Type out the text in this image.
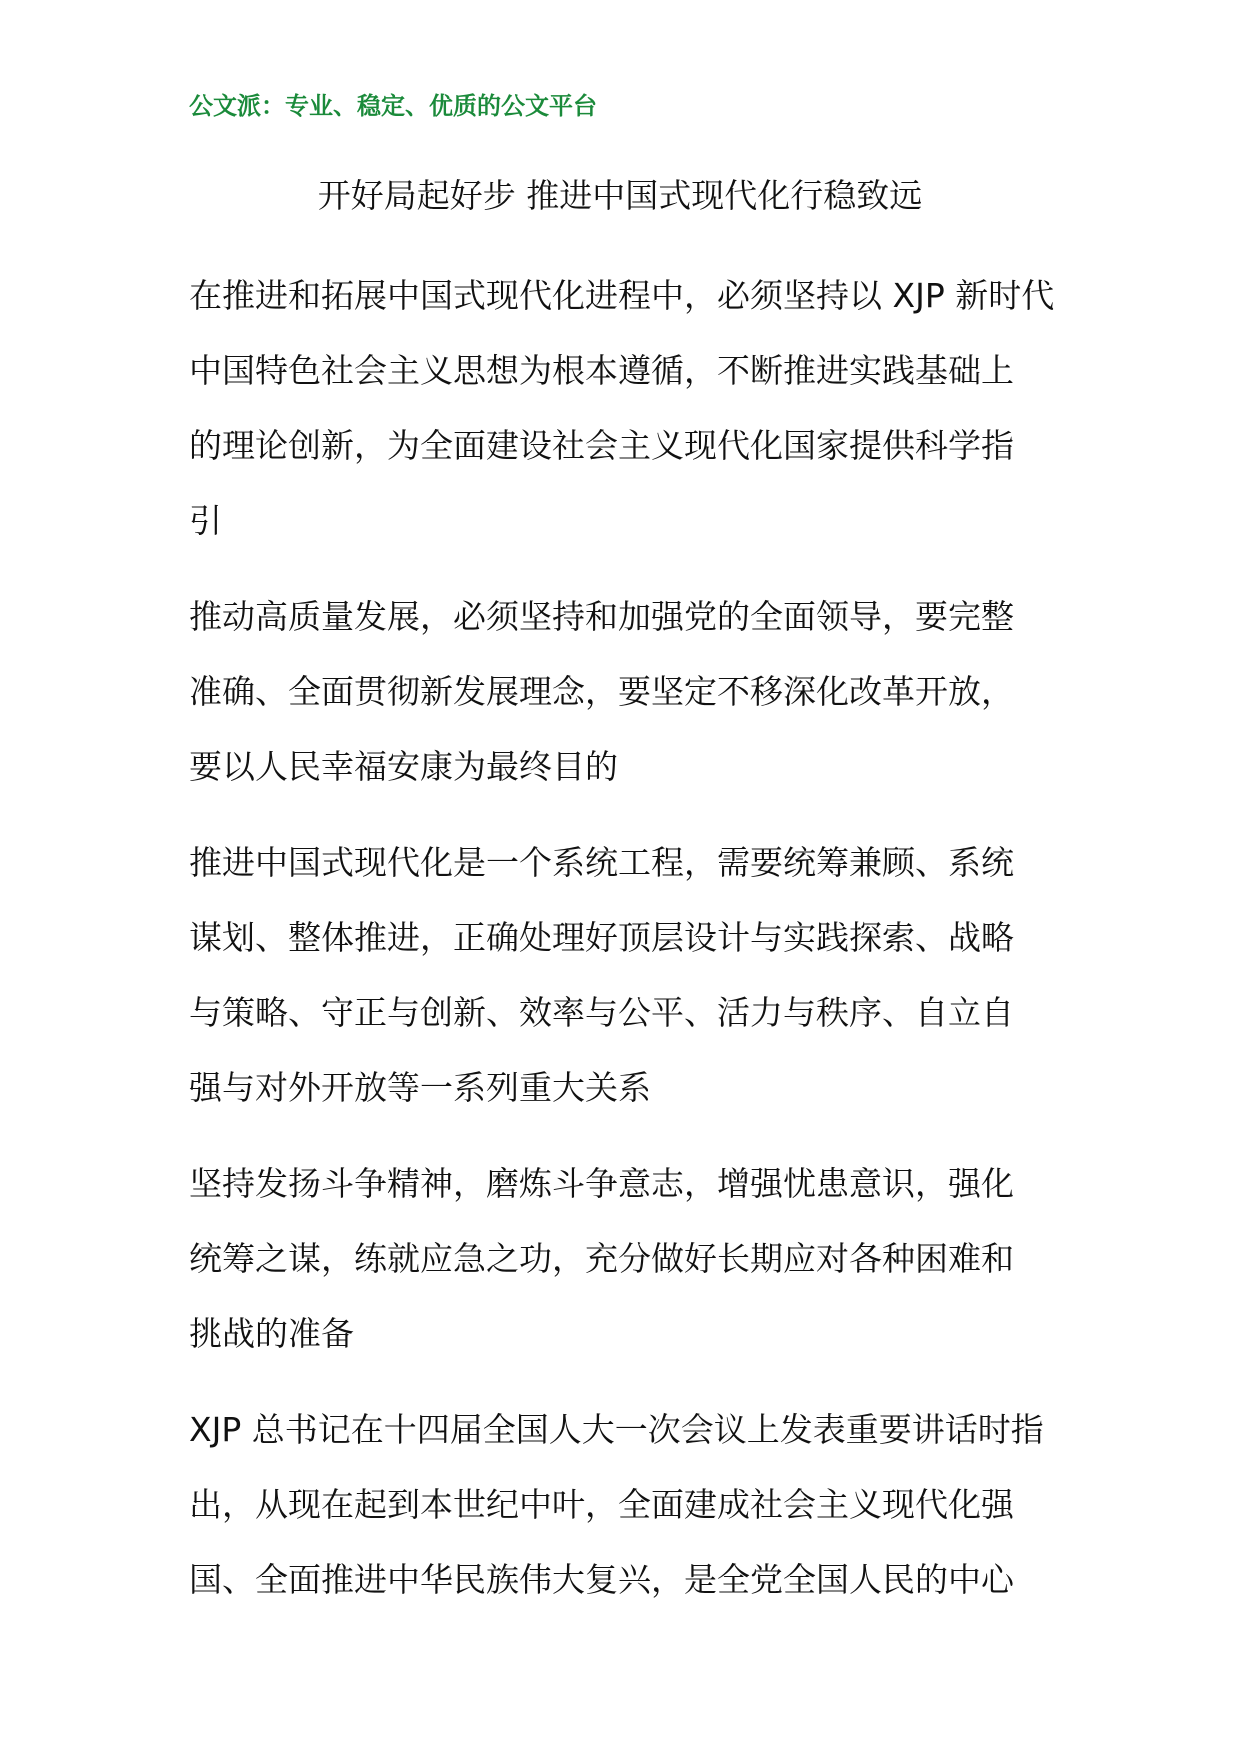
公文派：专业、稳定、优质的公文平台
开好局起好步 推进中国式现代化行稳致远
在推进和拓展中国式现代化进程中，必须坚持以 XJP 新时代
中国特色社会主义思想为根本遵循，不断推进实践基础上
的理论创新，为全面建设社会主义现代化国家提供科学指
引
推动高质量发展，必须坚持和加强党的全面领导，要完整
准确、全面贯彻新发展理念，要坚定不移深化改革开放，
要以人民幸福安康为最终目的
推进中国式现代化是一个系统工程，需要统筹兼顾、系统
谋划、整体推进，正确处理好顶层设计与实践探索、战略
与策略、守正与创新、效率与公平、活力与秩序、自立自
强与对外开放等一系列重大关系
坚持发扬斗争精神，磨炼斗争意志，增强忧患意识，强化
统筹之谋，练就应急之功，充分做好长期应对各种困难和
挑战的准备
XJP 总书记在十四届全国人大一次会议上发表重要讲话时指
出，从现在起到本世纪中叶，全面建成社会主义现代化强
国、全面推进中华民族伟大复兴，是全党全国人民的中心
